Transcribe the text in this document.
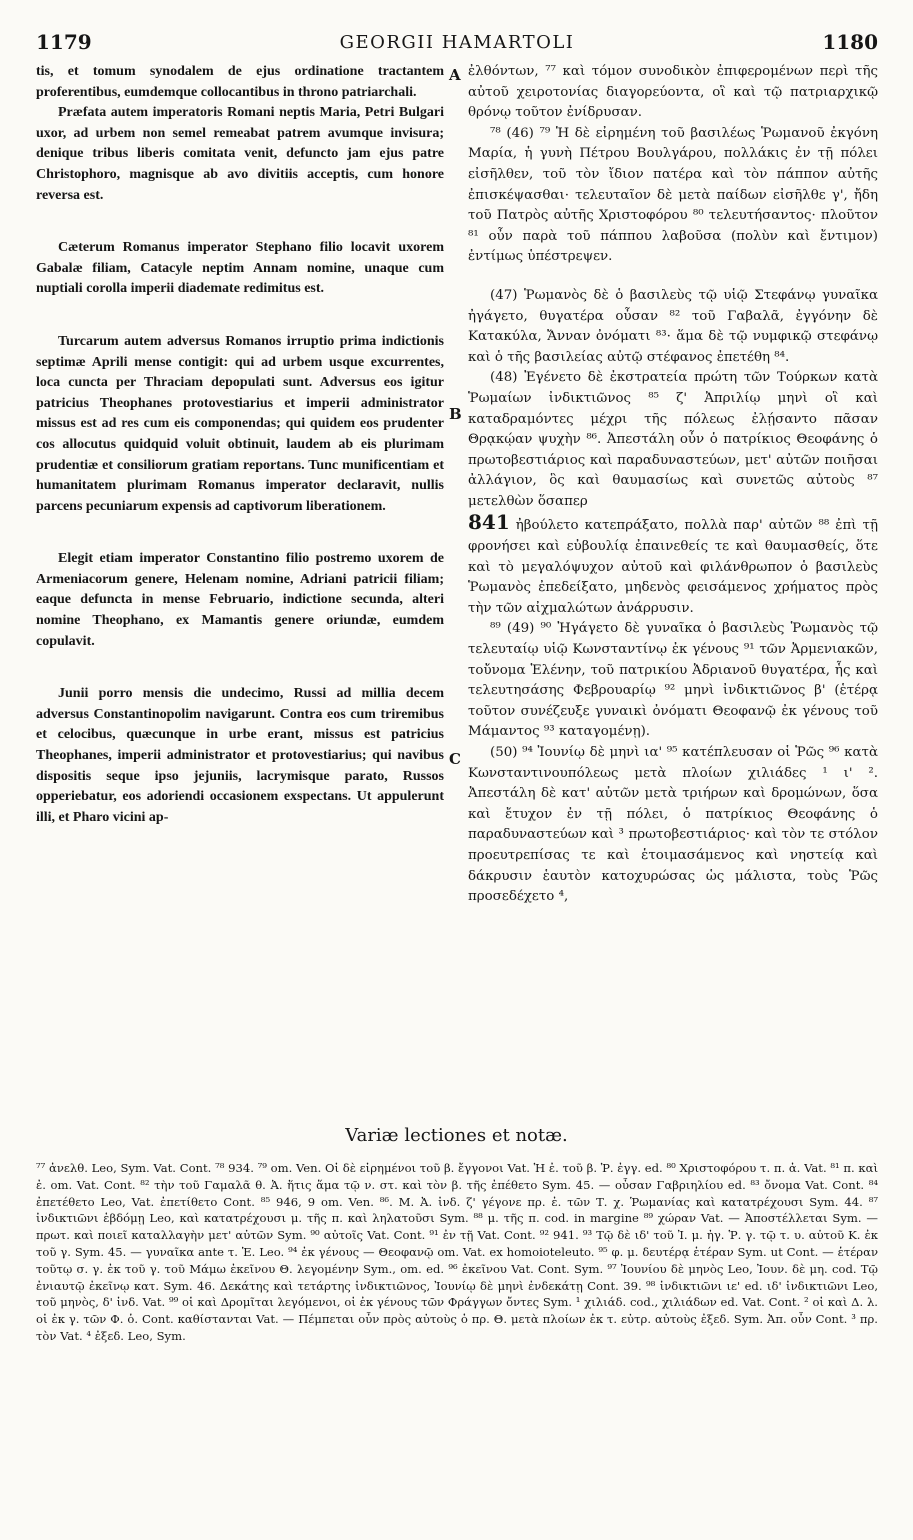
1179	GEORGII HAMARTOLI	1180
A
B
C

tis, et tomum synodalem de ejus ordinatione tractantem proferentibus, eumdemque collocantibus in throno patriarchali.

Præfata autem imperatoris Romani neptis Maria, Petri Bulgari uxor, ad urbem non semel remeabat patrem avumque invisura; denique tribus liberis comitata venit, defuncto jam ejus patre Christophoro, magnisque ab avo divitiis acceptis, cum honore reversa est.

Cæterum Romanus imperator Stephano filio locavit uxorem Gabalæ filiam, Catacyle neptim Annam nomine, unaque cum nuptiali corolla imperii diademate redimitus est.

Turcarum autem adversus Romanos irruptio prima indictionis septimæ Aprili mense contigit: qui ad urbem usque excurrentes, loca cuncta per Thraciam depopulati sunt. Adversus eos igitur patricius Theophanes protovestiarius et imperii administrator missus est ad res cum eis componendas; qui quidem eos prudenter cos allocutus quidquid voluit obtinuit, laudem ab eis plurimam prudentiæ et consiliorum gratiam reportans. Tunc munificentiam et humanitatem plurimam Romanus imperator declaravit, nullis parcens pecuniarum expensis ad captivorum liberationem.

Elegit etiam imperator Constantino filio postremo uxorem de Armeniacorum genere, Helenam nomine, Adriani patricii filiam; eaque defuncta in mense Februario, indictione secunda, alteri nomine Theophano, ex Mamantis genere oriundæ, eumdem copulavit.

Junii porro mensis die undecimo, Russi ad millia decem adversus Constantinopolim navigarunt. Contra eos cum triremibus et celocibus, quæcunque in urbe erant, missus est patricius Theophanes, imperii administrator et protovestiarius; qui navibus dispositis seque ipso jejuniis, lacrymisque parato, Russos opperiebatur, eos adoriendi occasionem exspectans. Ut appulerunt illi, et Pharo vicini ap-

ἐλθόντων, ⁷⁷ καὶ τόμον συνοδικὸν ἐπιφερομένων περὶ τῆς αὐτοῦ χειροτονίας διαγορεύοντα, οἳ καὶ τῷ πατριαρχικῷ θρόνῳ τοῦτον ἐνίδρυσαν.

⁷⁸ (46) ⁷⁹ Ἡ δὲ εἰρημένη τοῦ βασιλέως Ῥωμανοῦ ἐκγόνη Μαρία, ἡ γυνὴ Πέτρου Βουλγάρου, πολλάκις ἐν τῇ πόλει εἰσῆλθεν, τοῦ τὸν ἴδιον πατέρα καὶ τὸν πάππον αὐτῆς ἐπισκέψασθαι· τελευταῖον δὲ μετὰ παίδων εἰσῆλθε γ', ἤδη τοῦ Πατρὸς αὐτῆς Χριστοφόρου ⁸⁰ τελευτήσαντος· πλοῦτον ⁸¹ οὖν παρὰ τοῦ πάππου λαβοῦσα (πολὺν καὶ ἔντιμον) ἐντίμως ὑπέστρεψεν.

(47) Ῥωμανὸς δὲ ὁ βασιλεὺς τῷ υἱῷ Στεφάνῳ γυναῖκα ἠγάγετο, θυγατέρα οὖσαν ⁸² τοῦ Γαβαλᾶ, ἐγγόνην δὲ Κατακύλα, Ἄνναν ὀνόματι ⁸³· ἅμα δὲ τῷ νυμφικῷ στεφάνῳ καὶ ὁ τῆς βασιλείας αὐτῷ στέφανος ἐπετέθη ⁸⁴.

(48) Ἐγένετο δὲ ἐκστρατεία πρώτη τῶν Τούρκων κατὰ Ῥωμαίων ἰνδικτιῶνος ⁸⁵ ζ' Ἀπριλίῳ μηνὶ οἳ καὶ καταδραμόντες μέχρι τῆς πόλεως ἐλῄσαντο πᾶσαν Θρᾳκῴαν ψυχὴν ⁸⁶. Ἀπεστάλη οὖν ὁ πατρίκιος Θεοφάνης ὁ πρωτοβεστιάριος καὶ παραδυναστεύων, μετ' αὐτῶν ποιῆσαι ἀλλάγιον, ὃς καὶ θαυμασίως καὶ συνετῶς αὐτοὺς ⁸⁷ μετελθὼν ὅσαπερ

841 ἠβούλετο κατεπράξατο, πολλὰ παρ' αὐτῶν ⁸⁸ ἐπὶ τῇ φρονήσει καὶ εὐβουλίᾳ ἐπαινεθείς τε καὶ θαυμασθείς, ὅτε καὶ τὸ μεγαλόψυχον αὐτοῦ καὶ φιλάνθρωπον ὁ βασιλεὺς Ῥωμανὸς ἐπεδείξατο, μηδενὸς φεισάμενος χρήματος πρὸς τὴν τῶν αἰχμαλώτων ἀνάρρυσιν.

⁸⁹ (49) ⁹⁰ Ἠγάγετο δὲ γυναῖκα ὁ βασιλεὺς Ῥωμανὸς τῷ τελευταίῳ υἱῷ Κωνσταντίνῳ ἐκ γένους ⁹¹ τῶν Ἀρμενιακῶν, τοὔνομα Ἑλένην, τοῦ πατρικίου Ἀδριανοῦ θυγατέρα, ἧς καὶ τελευτησάσης Φεβρουαρίῳ ⁹² μηνὶ ἰνδικτιῶνος β' (ἑτέρᾳ τοῦτον συνέζευξε γυναικὶ ὀνόματι Θεοφανῷ ἐκ γένους τοῦ Μάμαντος ⁹³ καταγομένῃ).

(50) ⁹⁴ Ἰουνίῳ δὲ μηνὶ ια' ⁹⁵ κατέπλευσαν οἱ Ῥῶς ⁹⁶ κατὰ Κωνσταντινουπόλεως μετὰ πλοίων χιλιάδες ¹ ι' ². Ἀπεστάλη δὲ κατ' αὐτῶν μετὰ τριήρων καὶ δρομώνων, ὅσα καὶ ἔτυχον ἐν τῇ πόλει, ὁ πατρίκιος Θεοφάνης ὁ παραδυναστεύων καὶ ³ πρωτοβεστιάριος· καὶ τὸν τε στόλον προευτρεπίσας τε καὶ ἑτοιμασάμενος καὶ νηστείᾳ καὶ δάκρυσιν ἑαυτὸν κατοχυρώσας ὡς μάλιστα, τοὺς Ῥῶς προσεδέχετο ⁴,

Variæ lectiones et notæ.
⁷⁷ ἀνελθ. Leo, Sym. Vat. Cont. ⁷⁸ 934. ⁷⁹ om. Ven. Οἱ δὲ εἰρημένοι τοῦ β. ἔγγονοι Vat. Ἡ ἐ. τοῦ β. Ῥ. ἐγγ. ed. ⁸⁰ Χριστοφόρου τ. π. ἀ. Vat. ⁸¹ π. καὶ ἐ. om. Vat. Cont. ⁸² τὴν τοῦ Γαμαλᾶ θ. Ἀ. ἥτις ἅμα τῷ ν. στ. καὶ τὸν β. τῆς ἐπέθετο Sym. 45. — οὖσαν Γαβριηλίου ed. ⁸³ ὄνομα Vat. Cont. ⁸⁴ ἐπετέθετο Leo, Vat. ἐπετίθετο Cont. ⁸⁵ 946, 9 om. Ven. ⁸⁶. Μ. Ἀ. ἰνδ. ζ' γέγονε πρ. ἐ. τῶν Τ. χ. Ῥωμανίας καὶ κατατρέχουσι Sym. 44. ⁸⁷ ἰνδικτιῶνι ἑβδόμῃ Leo, καὶ κατατρέχουσι μ. τῆς π. καὶ ληλατοῦσι Sym. ⁸⁸ μ. τῆς π. cod. in margine ⁸⁹ χώραν Vat. — Ἀποστέλλεται Sym. — πρωτ. καὶ ποιεῖ καταλλαγὴν μετ' αὐτῶν Sym. ⁹⁰ αὐτοῖς Vat. Cont. ⁹¹ ἐν τῇ Vat. Cont. ⁹² 941. ⁹³ Τῷ δὲ ιδ' τοῦ Ἰ. μ. ἠγ. Ῥ. γ. τῷ τ. υ. αὐτοῦ Κ. ἐκ τοῦ γ. Sym. 45. — γυναῖκα ante τ. Ἑ. Leo. ⁹⁴ ἐκ γένους — Θεοφανῷ om. Vat. ex homoioteleuto. ⁹⁵ φ. μ. δευτέρᾳ ἑτέραν Sym. ut Cont. — ἑτέραν τοῦτῳ σ. γ. ἐκ τοῦ γ. τοῦ Μάμω ἐκεῖνου Θ. λεγομένην Sym., om. ed. ⁹⁶ ἐκεῖνου Vat. Cont. Sym. ⁹⁷ Ἰουνίου δὲ μηνὸς Leo, Ἰουν. δὲ μη. cod. Τῷ ἐνιαυτῷ ἐκεῖνῳ κατ. Sym. 46. Δεκάτης καὶ τετάρτης ἰνδικτιῶνος, Ἰουνίῳ δὲ μηνὶ ἐνδεκάτῃ Cont. 39. ⁹⁸ ἰνδικτιῶνι ιε' ed. ιδ' ἰνδικτιῶνι Leo, τοῦ μηνὸς, δ' ἰνδ. Vat. ⁹⁹ οἱ καὶ Δρομῖται λεγόμενοι, οἱ ἐκ γένους τῶν Φράγγων ὄντες Sym. ¹ χιλιάδ. cod., χιλιάδων ed. Vat. Cont. ² οἱ καὶ Δ. λ. οἱ ἐκ γ. τῶν Φ. ὁ. Cont. καθίστανται Vat. — Πέμπεται οὖν πρὸς αὐτοὺς ὁ πρ. Θ. μετὰ πλοίων ἐκ τ. εὐτρ. αὐτοὺς ἐξεδ. Sym. Ἀπ. οὖν Cont. ³ πρ. τὸν Vat. ⁴ ἐξεδ. Leo, Sym.
